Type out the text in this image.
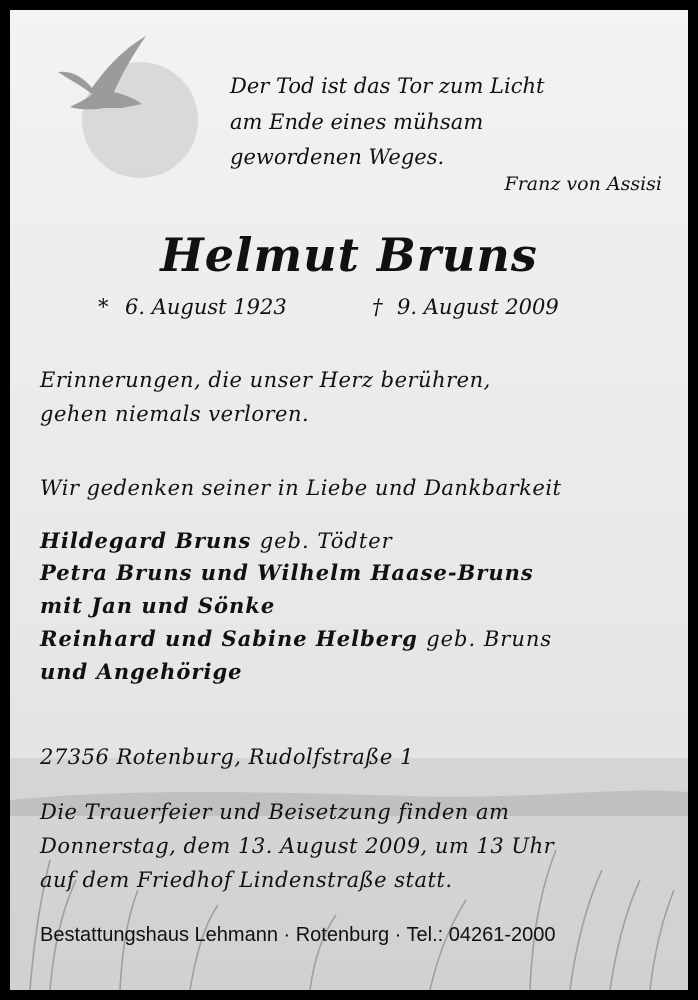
Der Tod ist das Tor zum Licht
am Ende eines mühsam
gewordenen Weges.
Franz von Assisi
Helmut Bruns
* 6. August 1923	† 9. August 2009
Erinnerungen, die unser Herz berühren,
gehen niemals verloren.
Wir gedenken seiner in Liebe und Dankbarkeit
Hildegard Bruns geb. Tödter
Petra Bruns und Wilhelm Haase-Bruns
mit Jan und Sönke
Reinhard und Sabine Helberg geb. Bruns
und Angehörige
27356 Rotenburg, Rudolfstraße 1
Die Trauerfeier und Beisetzung finden am
Donnerstag, dem 13. August 2009, um 13 Uhr
auf dem Friedhof Lindenstraße statt.
Bestattungshaus Lehmann · Rotenburg · Tel.: 04261-2000
